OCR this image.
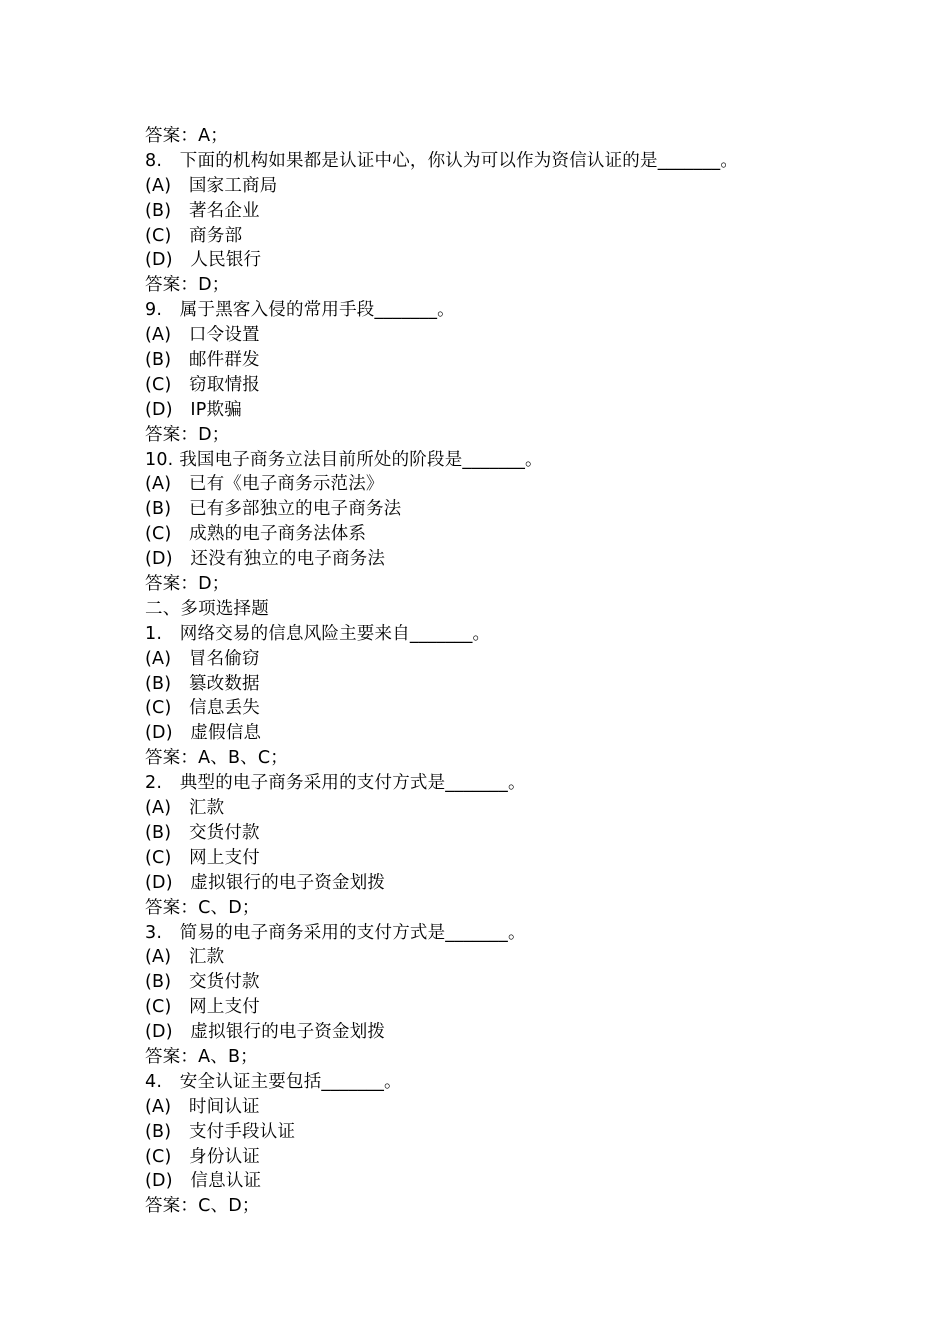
答案：A；
8.　下面的机构如果都是认证中心，你认为可以作为资信认证的是_______。
(A)　国家工商局
(B)　著名企业
(C)　商务部
(D)　人民银行
答案：D；
9.　属于黑客入侵的常用手段_______。
(A)　口令设置
(B)　邮件群发
(C)　窃取情报
(D)　IP欺骗
答案：D；
10. 我国电子商务立法目前所处的阶段是_______。
(A)　已有《电子商务示范法》
(B)　已有多部独立的电子商务法
(C)　成熟的电子商务法体系
(D)　还没有独立的电子商务法
答案：D；
二、多项选择题
1.　网络交易的信息风险主要来自_______。
(A)　冒名偷窃
(B)　篡改数据
(C)　信息丢失
(D)　虚假信息
答案：A、B、C；
2.　典型的电子商务采用的支付方式是_______。
(A)　汇款
(B)　交货付款
(C)　网上支付
(D)　虚拟银行的电子资金划拨
答案：C、D；
3.　简易的电子商务采用的支付方式是_______。
(A)　汇款
(B)　交货付款
(C)　网上支付
(D)　虚拟银行的电子资金划拨
答案：A、B；
4.　安全认证主要包括_______。
(A)　时间认证
(B)　支付手段认证
(C)　身份认证
(D)　信息认证
答案：C、D；
